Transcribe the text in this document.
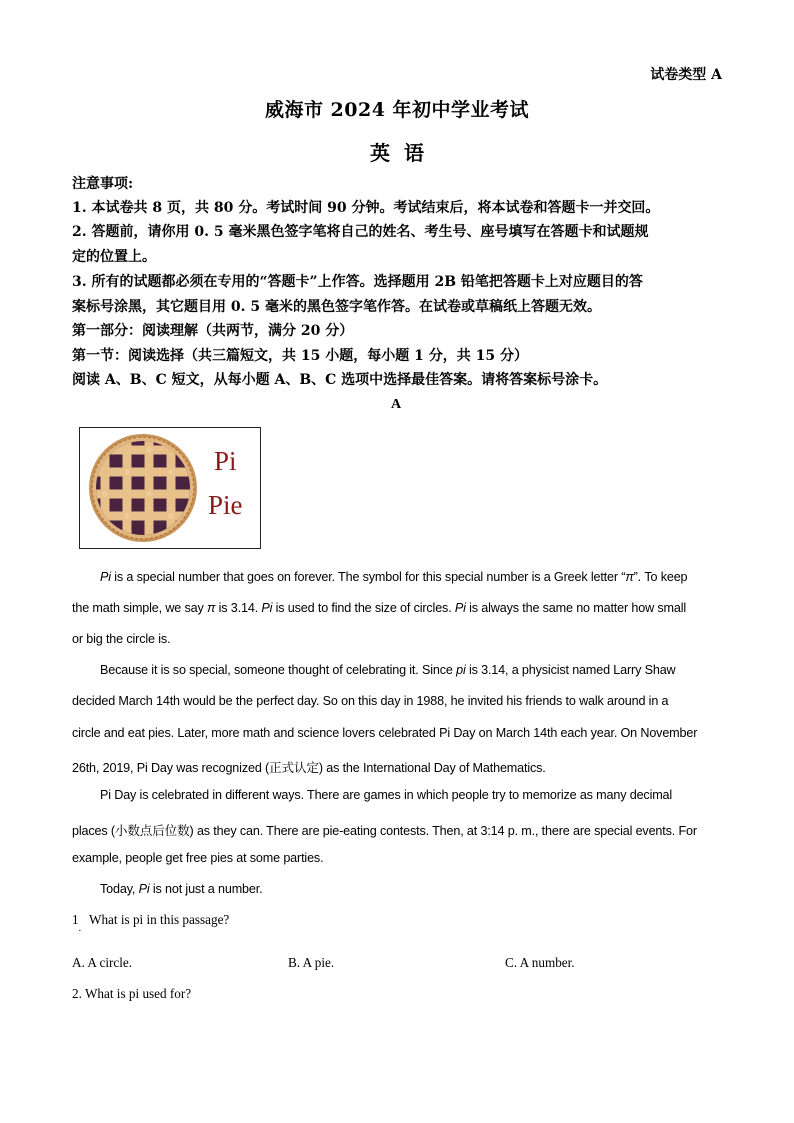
试卷类型 A
威海市 2024 年初中学业考试
英语
注意事项:
1. 本试卷共 8 页，共 80 分。考试时间 90 分钟。考试结束后，将本试卷和答题卡一并交回。
2. 答题前，请你用 0. 5 毫米黑色签字笔将自己的姓名、考生号、座号填写在答题卡和试题规
定的位置上。
3. 所有的试题都必须在专用的“答题卡”上作答。选择题用 2B 铅笔把答题卡上对应题目的答
案标号涂黑，其它题目用 0. 5 毫米的黑色签字笔作答。在试卷或草稿纸上答题无效。
第一部分：阅读理解（共两节，满分 20 分）
第一节：阅读选择（共三篇短文，共 15 小题，每小题 1 分，共 15 分）
阅读 A、B、C 短文，从每小题 A、B、C 选项中选择最佳答案。请将答案标号涂卡。
A
Pi
Pie
Pi is a special number that goes on forever. The symbol for this special number is a Greek letter “π”. To keep
the math simple, we say π is 3.14. Pi is used to find the size of circles. Pi is always the same no matter how small
or big the circle is.
Because it is so special, someone thought of celebrating it. Since pi is 3.14, a physicist named Larry Shaw
decided March 14th would be the perfect day. So on this day in 1988, he invited his friends to walk around in a
circle and eat pies. Later, more math and science lovers celebrated Pi Day on March 14th each year. On November
26th, 2019, Pi Day was recognized (正式认定) as the International Day of Mathematics.
Pi Day is celebrated in different ways. There are games in which people try to memorize as many decimal
places (小数点后位数) as they can. There are pie-eating contests. Then, at 3:14 p. m., there are special events. For
example, people get free pies at some parties.
Today, Pi is not just a number.
1 What is pi in this passage?
·
A. A circle.	B. A pie.	C. A number.
2. What is pi used for?
